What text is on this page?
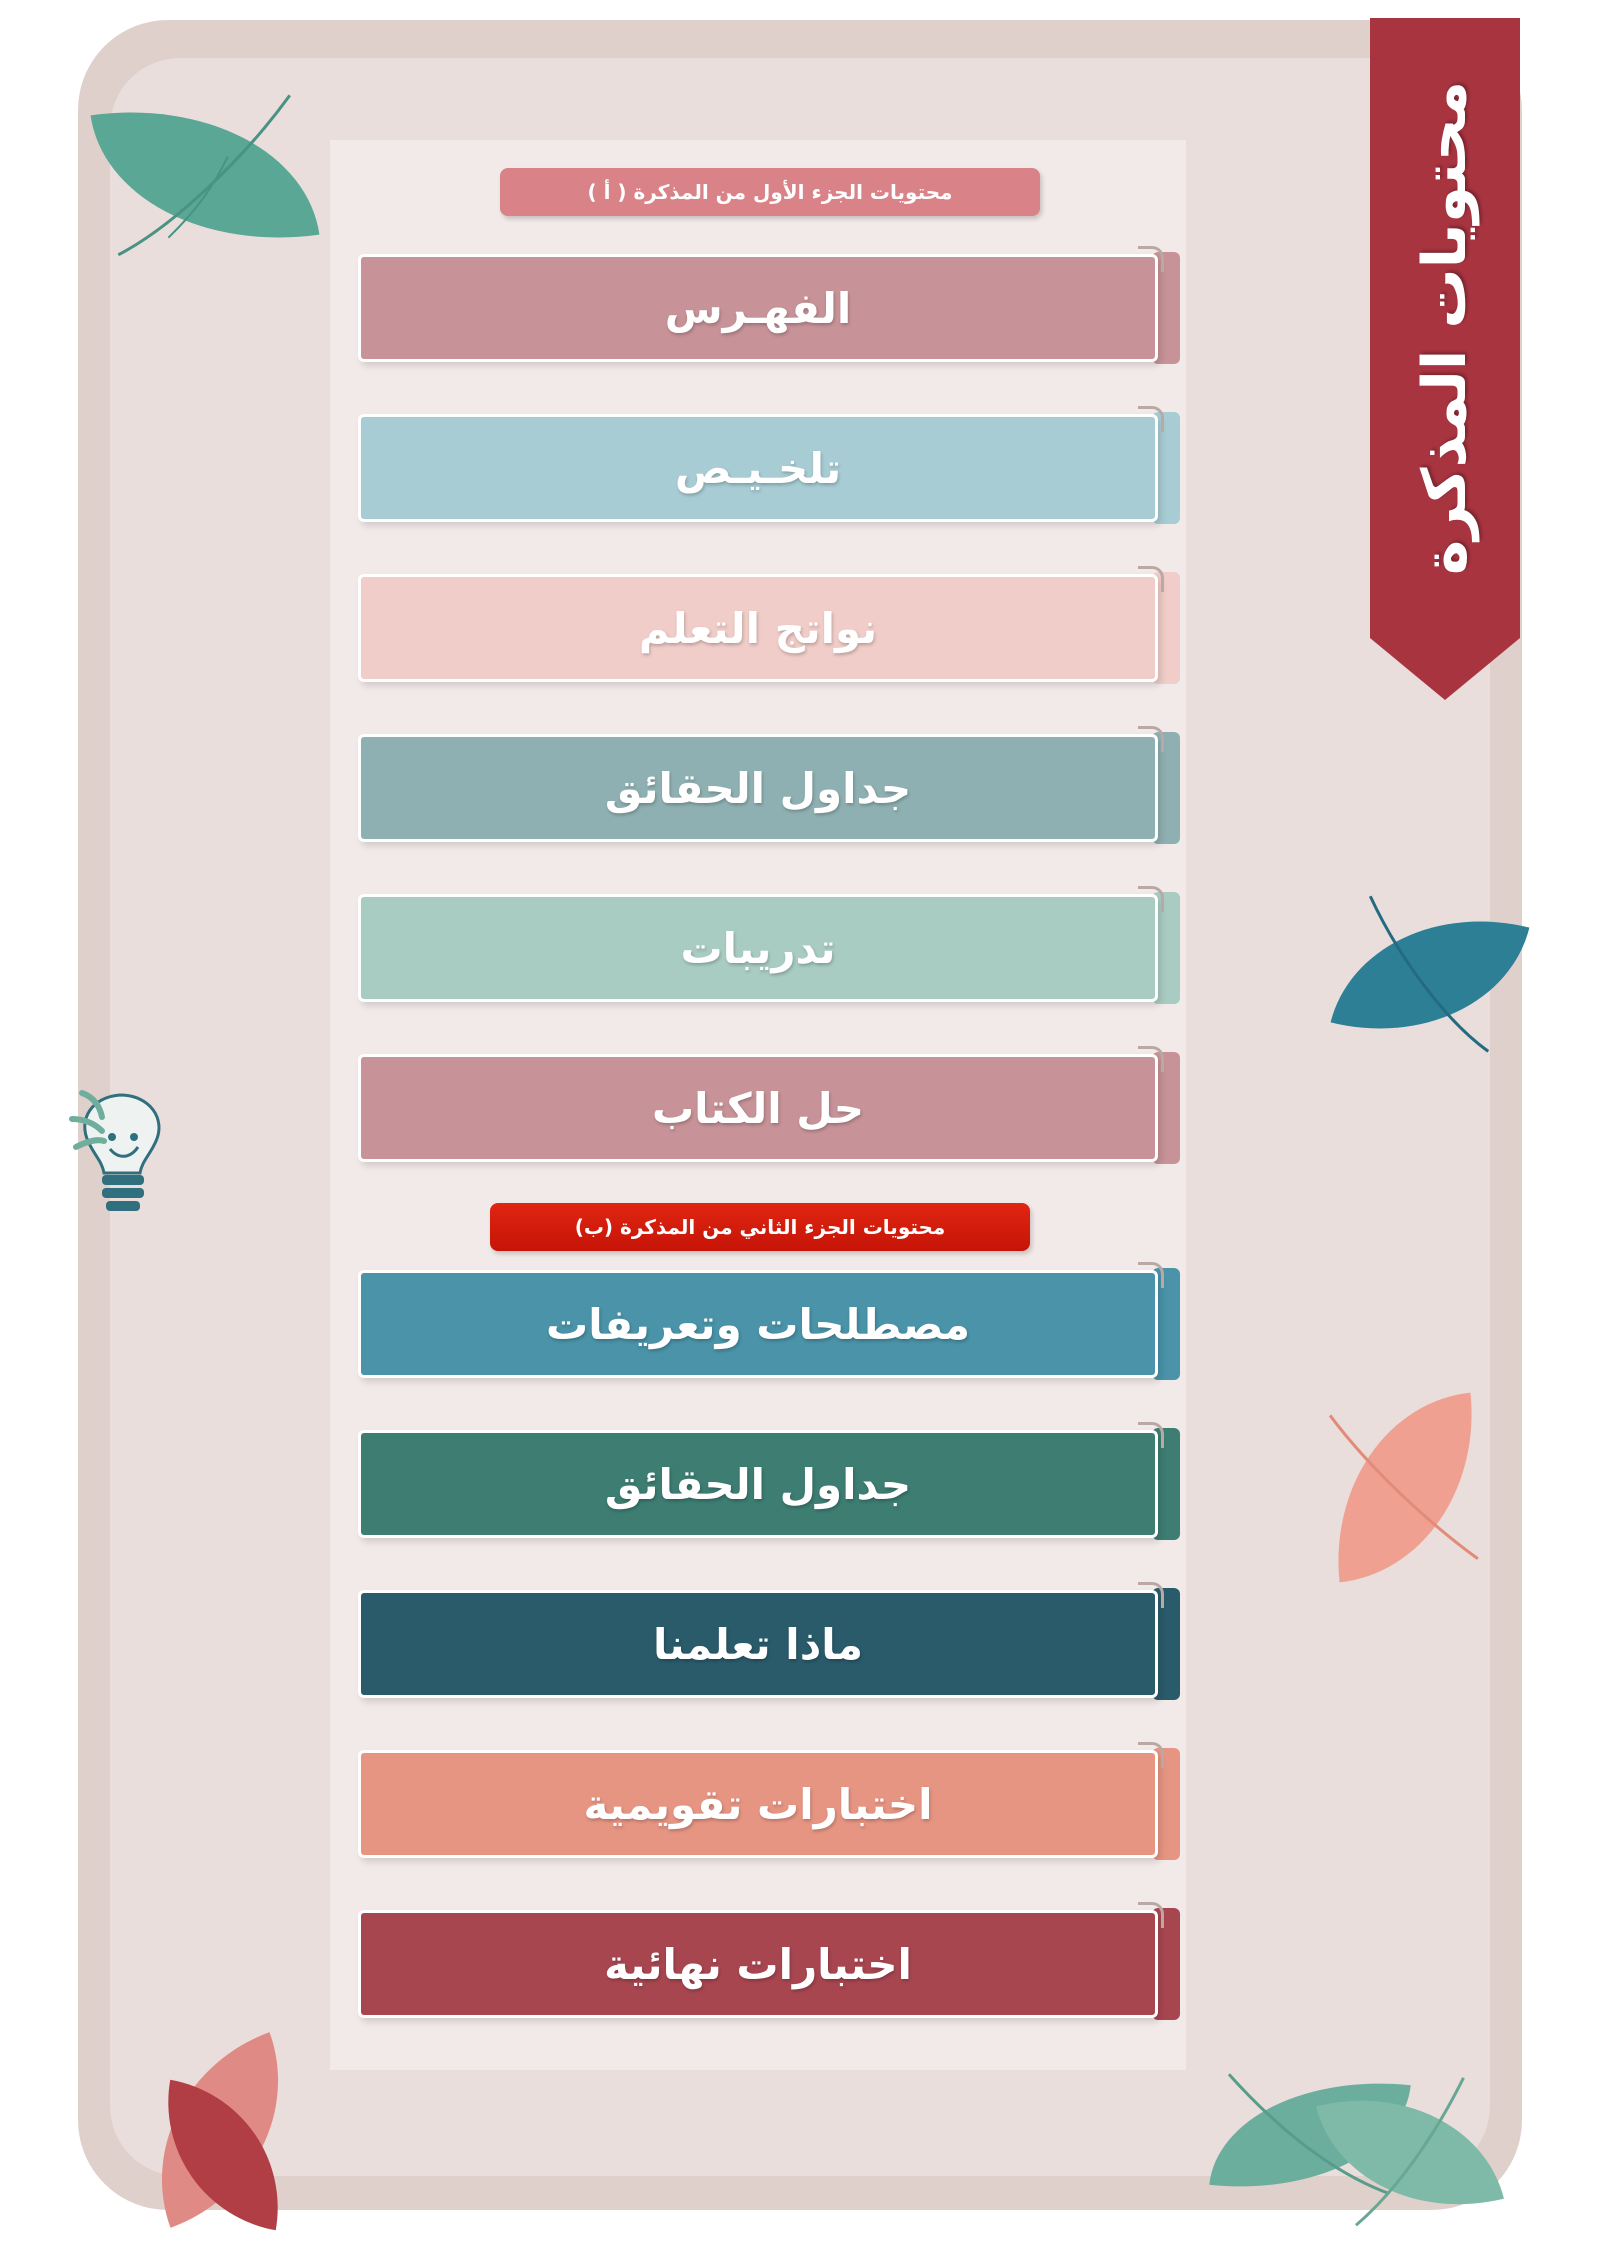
محتويات المذكرة
محتويات الجزء الأول من المذكرة ( أ )
محتويات الجزء الثاني من المذكرة (ب)
الفهـرس
تلخـيـص
نواتج التعلم
جداول الحقائق
تدريبات
حل الكتاب
مصطلحات وتعريفات
جداول الحقائق
ماذا تعلمنا
اختبارات تقويمية
اختبارات نهائية
